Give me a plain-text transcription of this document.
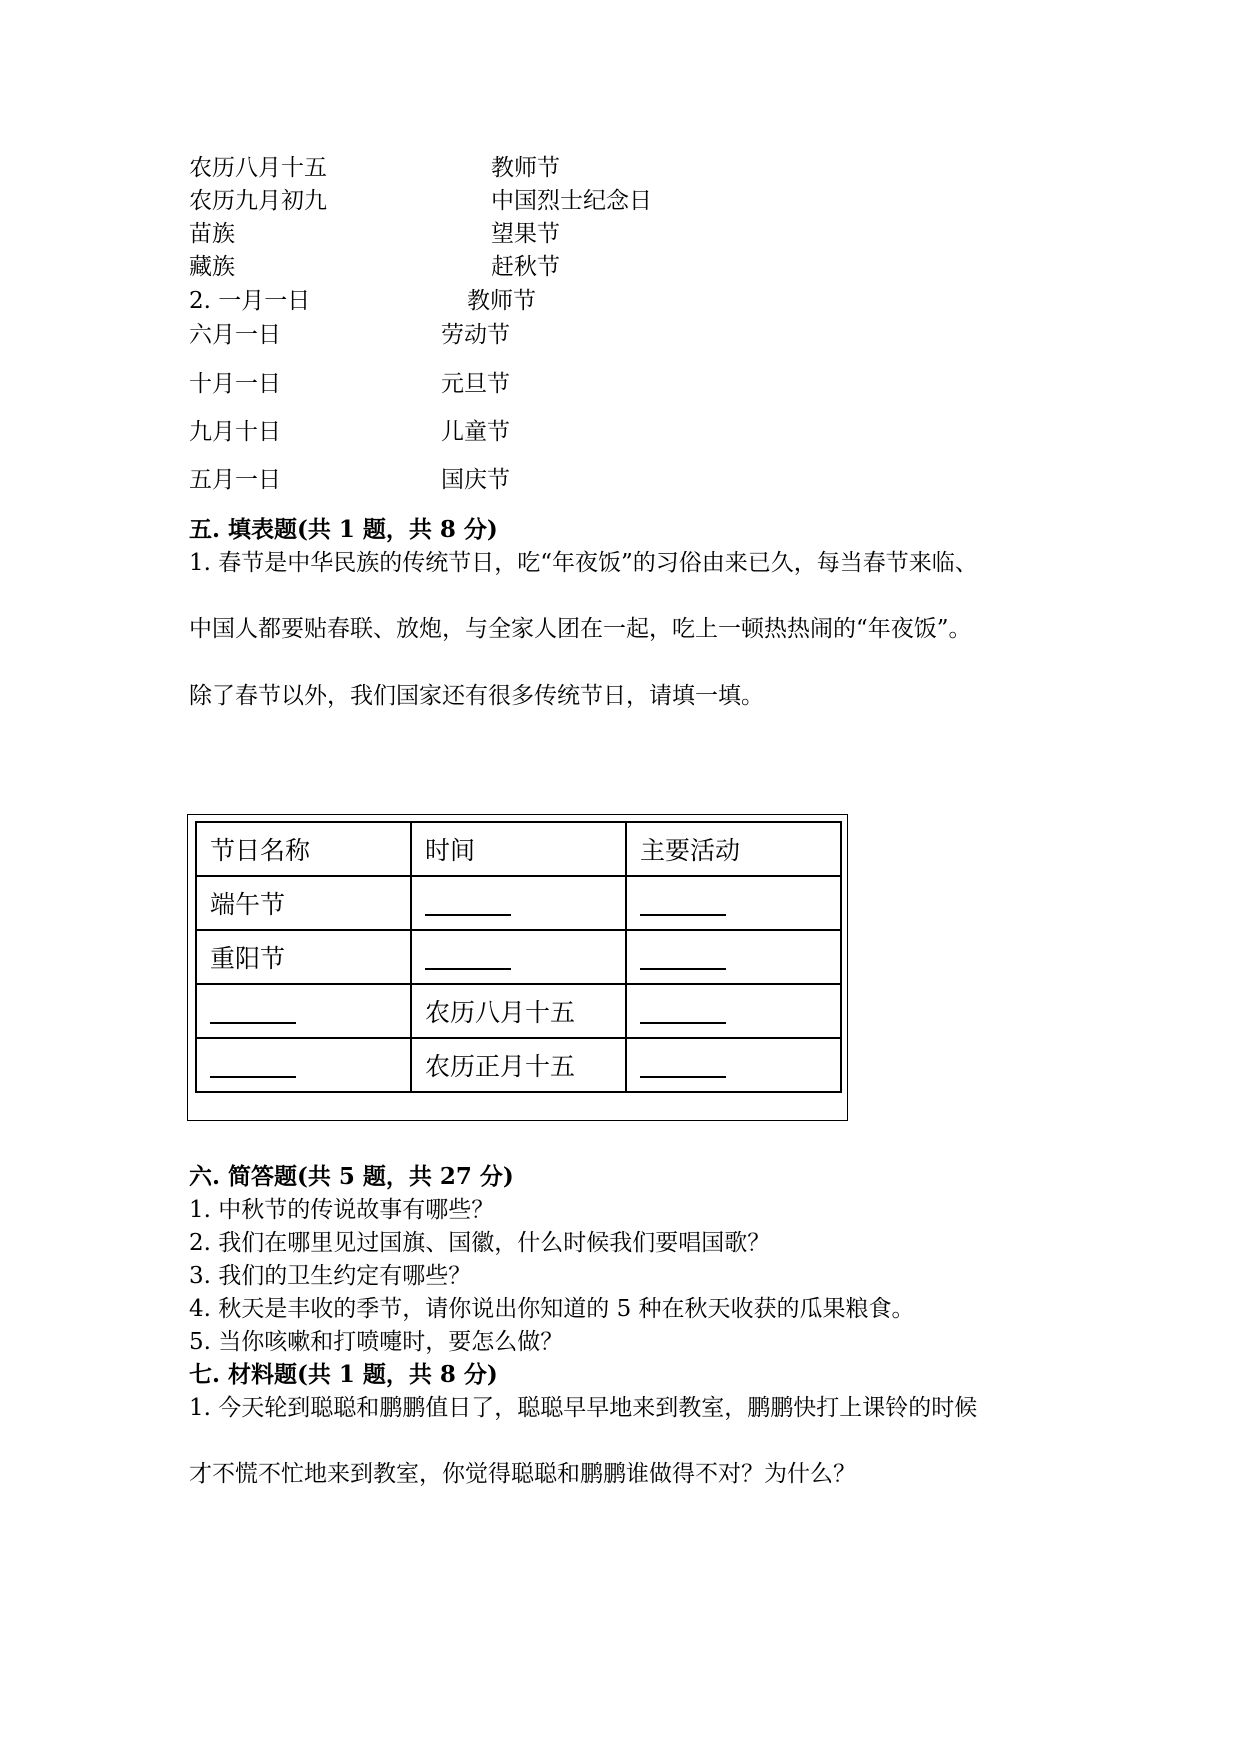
农历八月十五	教师节
农历九月初九	中国烈士纪念日
苗族	望果节
藏族	赶秋节
2. 一月一日	教师节
六月一日	劳动节
十月一日	元旦节
九月十日	儿童节
五月一日	国庆节
五. 填表题(共 1 题，共 8 分)
1. 春节是中华民族的传统节日，吃“年夜饭”的习俗由来已久，每当春节来临、
中国人都要贴春联、放炮，与全家人团在一起，吃上一顿热热闹的“年夜饭”。
除了春节以外，我们国家还有很多传统节日，请填一填。
节日名称	时间	主要活动
端午节		
重阳节		
	农历八月十五	
	农历正月十五	
六. 简答题(共 5 题，共 27 分)
1. 中秋节的传说故事有哪些？
2. 我们在哪里见过国旗、国徽，什么时候我们要唱国歌？
3. 我们的卫生约定有哪些？
4. 秋天是丰收的季节，请你说出你知道的 5 种在秋天收获的瓜果粮食。
5. 当你咳嗽和打喷嚏时，要怎么做？
七. 材料题(共 1 题，共 8 分)
1. 今天轮到聪聪和鹏鹏值日了，聪聪早早地来到教室，鹏鹏快打上课铃的时候
才不慌不忙地来到教室，你觉得聪聪和鹏鹏谁做得不对？为什么？
